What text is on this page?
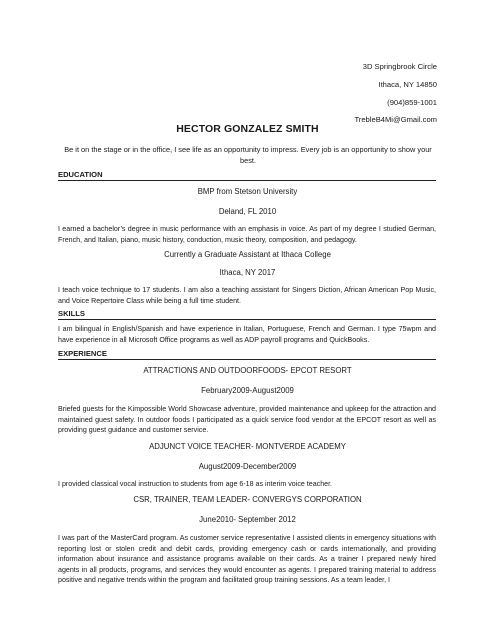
3D Springbrook Circle
Ithaca, NY 14850
(904)859-1001
TrebleB4Mi@Gmail.com
HECTOR GONZALEZ SMITH
Be it on the stage or in the office, I see life as an opportunity to impress. Every job is an opportunity to show your best.
EDUCATION
BMP from Stetson University
Deland, FL 2010
I earned a bachelor’s degree in music performance with an emphasis in voice. As part of my degree I studied German, French, and Italian, piano, music history, conduction, music theory, composition, and pedagogy.
Currently a Graduate Assistant at Ithaca College
Ithaca, NY 2017
I teach voice technique to 17 students. I am also a teaching assistant for Singers Diction, African American Pop Music, and Voice Repertoire Class while being a full time student.
SKILLS
I am bilingual in English/Spanish and have experience in Italian, Portuguese, French and German. I type 75wpm and have experience in all Microsoft Office programs as well as ADP payroll programs and QuickBooks.
EXPERIENCE
ATTRACTIONS AND OUTDOORFOODS- EPCOT RESORT
February2009-August2009
Briefed guests for the Kimpossible World Showcase adventure, provided maintenance and upkeep for the attraction and maintained guest safety. In outdoor foods I participated as a quick service food vendor at the EPCOT resort as well as providing guest guidance and customer service.
ADJUNCT VOICE TEACHER- MONTVERDE ACADEMY
August2009-December2009
I provided classical vocal instruction to students from age 6-18 as interim voice teacher.
CSR, TRAINER, TEAM LEADER- CONVERGYS CORPORATION
June2010- September 2012
I was part of the MasterCard program. As customer service representative I assisted clients in emergency situations with reporting lost or stolen credit and debit cards, providing emergency cash or cards internationally, and providing information about insurance and assistance programs available on their cards. As a trainer I prepared newly hired agents in all products, programs, and services they would encounter as agents. I prepared training material to address positive and negative trends within the program and facilitated group training sessions. As a team leader, I
